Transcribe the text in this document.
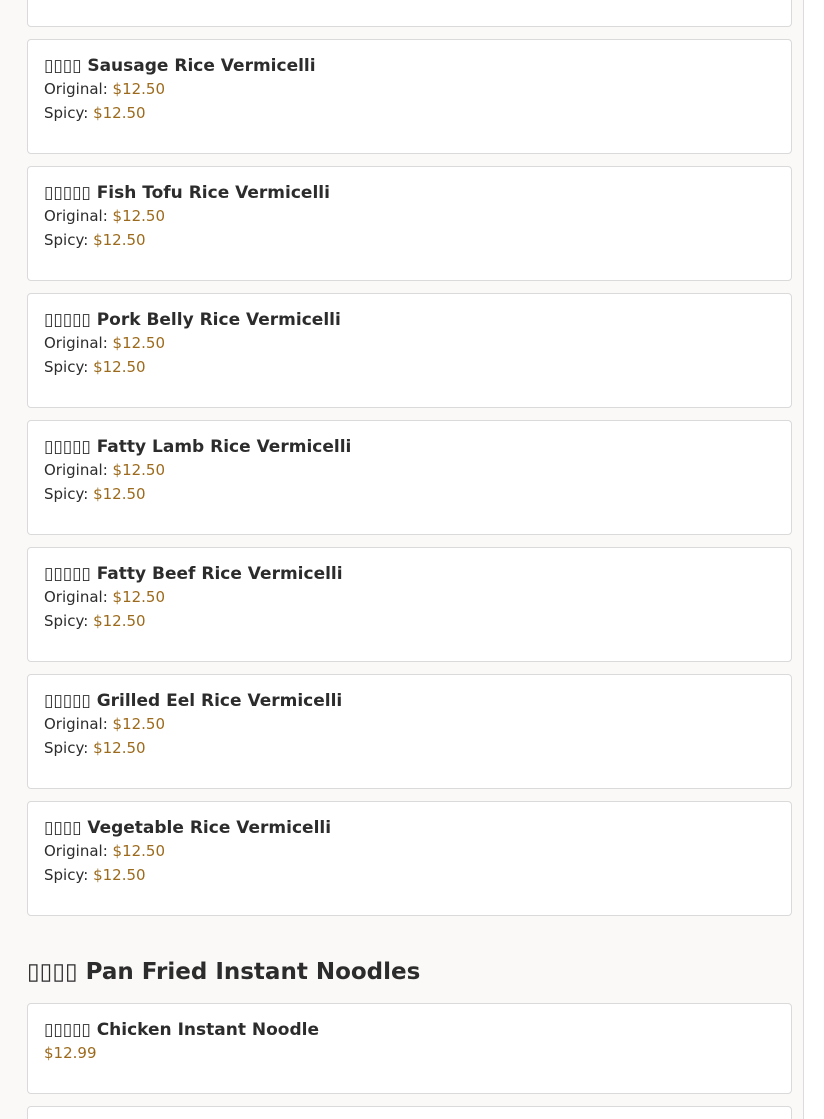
▯▯▯▯ Sausage Rice Vermicelli
Original: $12.50
Spicy: $12.50
▯▯▯▯▯ Fish Tofu Rice Vermicelli
Original: $12.50
Spicy: $12.50
▯▯▯▯▯ Pork Belly Rice Vermicelli
Original: $12.50
Spicy: $12.50
▯▯▯▯▯ Fatty Lamb Rice Vermicelli
Original: $12.50
Spicy: $12.50
▯▯▯▯▯ Fatty Beef Rice Vermicelli
Original: $12.50
Spicy: $12.50
▯▯▯▯▯ Grilled Eel Rice Vermicelli
Original: $12.50
Spicy: $12.50
▯▯▯▯ Vegetable Rice Vermicelli
Original: $12.50
Spicy: $12.50
▯▯▯▯ Pan Fried Instant Noodles
▯▯▯▯▯ Chicken Instant Noodle
$12.99
